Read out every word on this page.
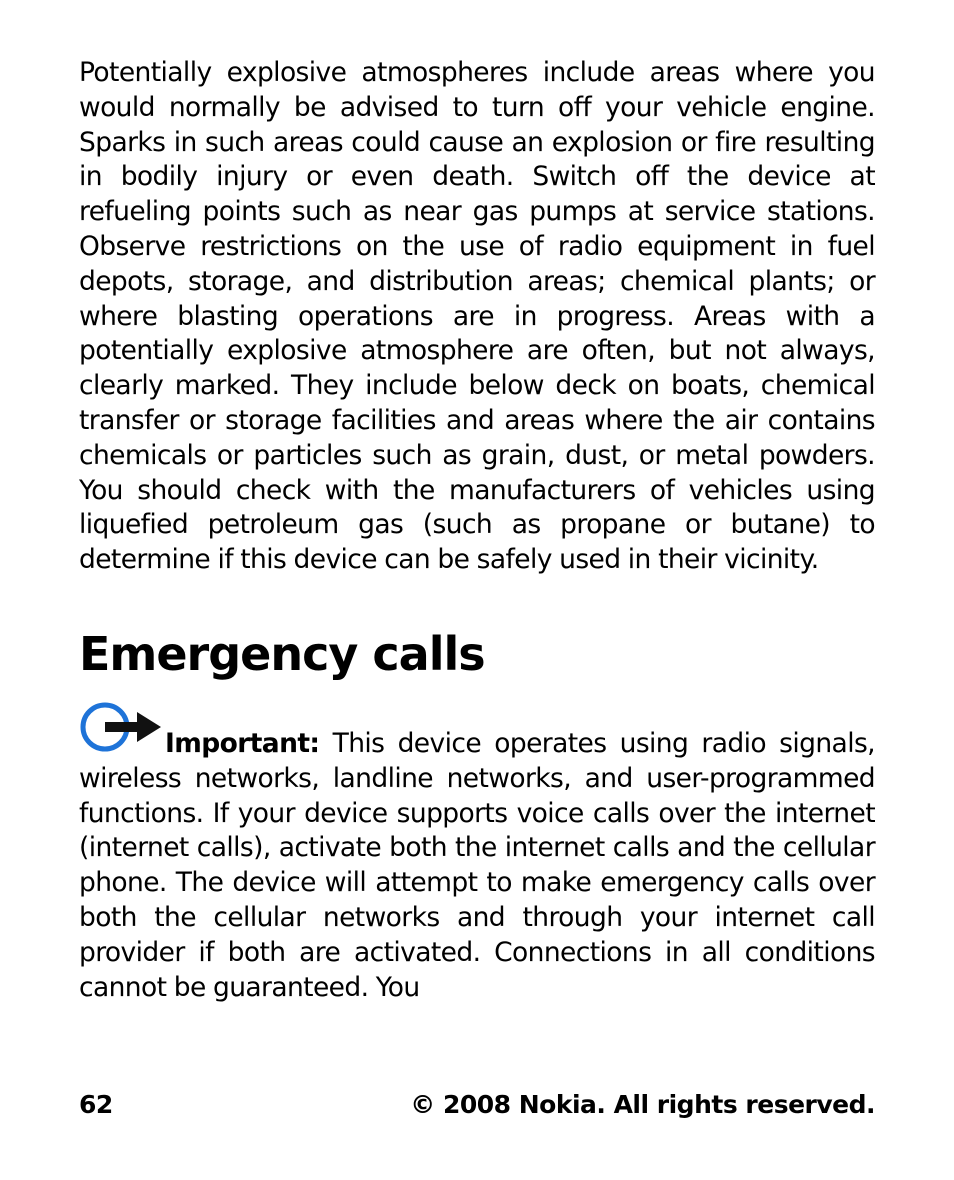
Potentially explosive atmospheres include areas where you would normally be advised to turn off your vehicle engine. Sparks in such areas could cause an explosion or fire resulting in bodily injury or even death. Switch off the device at refueling points such as near gas pumps at service stations. Observe restrictions on the use of radio equipment in fuel depots, storage, and distribution areas; chemical plants; or where blasting operations are in progress. Areas with a potentially explosive atmosphere are often, but not always, clearly marked. They include below deck on boats, chemical transfer or storage facilities and areas where the air contains chemicals or particles such as grain, dust, or metal powders. You should check with the manufacturers of vehicles using liquefied petroleum gas (such as propane or butane) to determine if this device can be safely used in their vicinity.

Emergency calls

Important: This device operates using radio signals, wireless networks, landline networks, and user-programmed functions. If your device supports voice calls over the internet (internet calls), activate both the internet calls and the cellular phone. The device will attempt to make emergency calls over both the cellular networks and through your internet call provider if both are activated. Connections in all conditions cannot be guaranteed. You

62	© 2008 Nokia. All rights reserved.
